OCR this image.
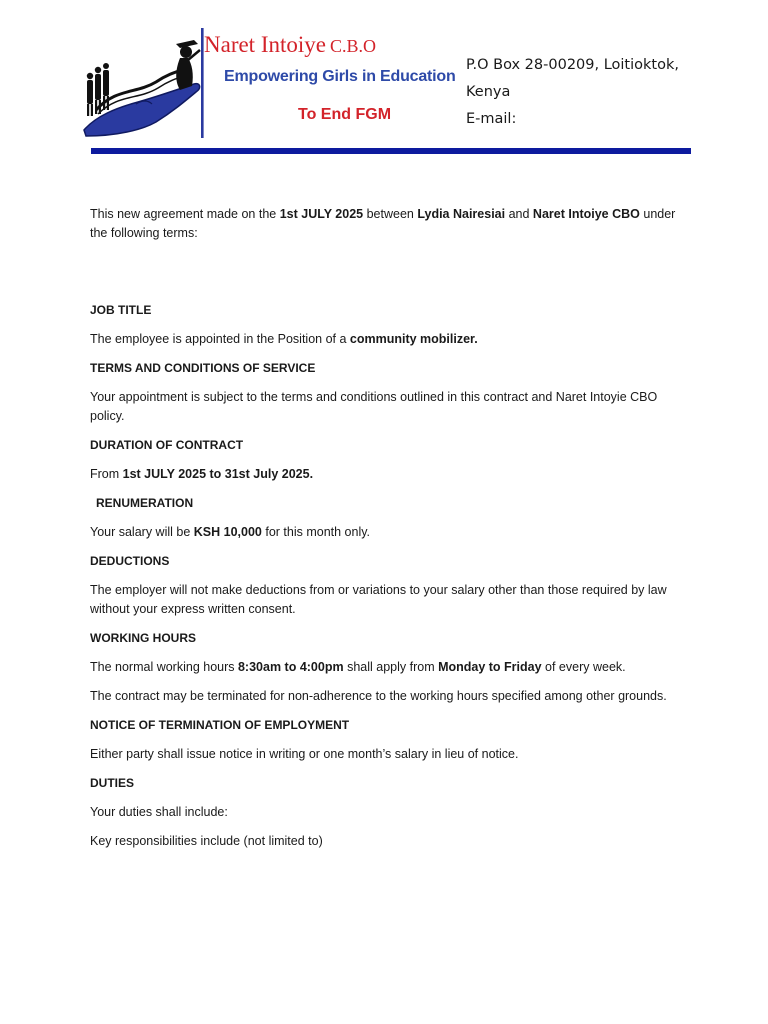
Naret Intoiye C.B.O
Empowering Girls in Education
To End FGM
P.O Box 28-00209, Loitioktok,
Kenya
E-mail:

This new agreement made on the 1st JULY 2025 between Lydia Nairesiai and Naret Intoiye CBO under the following terms:

JOB TITLE

The employee is appointed in the Position of a community mobilizer.

TERMS AND CONDITIONS OF SERVICE

Your appointment is subject to the terms and conditions outlined in this contract and Naret Intoyie CBO policy.

DURATION OF CONTRACT

From 1st JULY 2025 to 31st July 2025.

RENUMERATION

Your salary will be KSH 10,000 for this month only.

DEDUCTIONS

The employer will not make deductions from or variations to your salary other than those required by law without your express written consent.

WORKING HOURS

The normal working hours 8:30am to 4:00pm shall apply from Monday to Friday of every week.

The contract may be terminated for non-adherence to the working hours specified among other grounds.

NOTICE OF TERMINATION OF EMPLOYMENT

Either party shall issue notice in writing or one month’s salary in lieu of notice.

DUTIES

Your duties shall include:

Key responsibilities include (not limited to)
